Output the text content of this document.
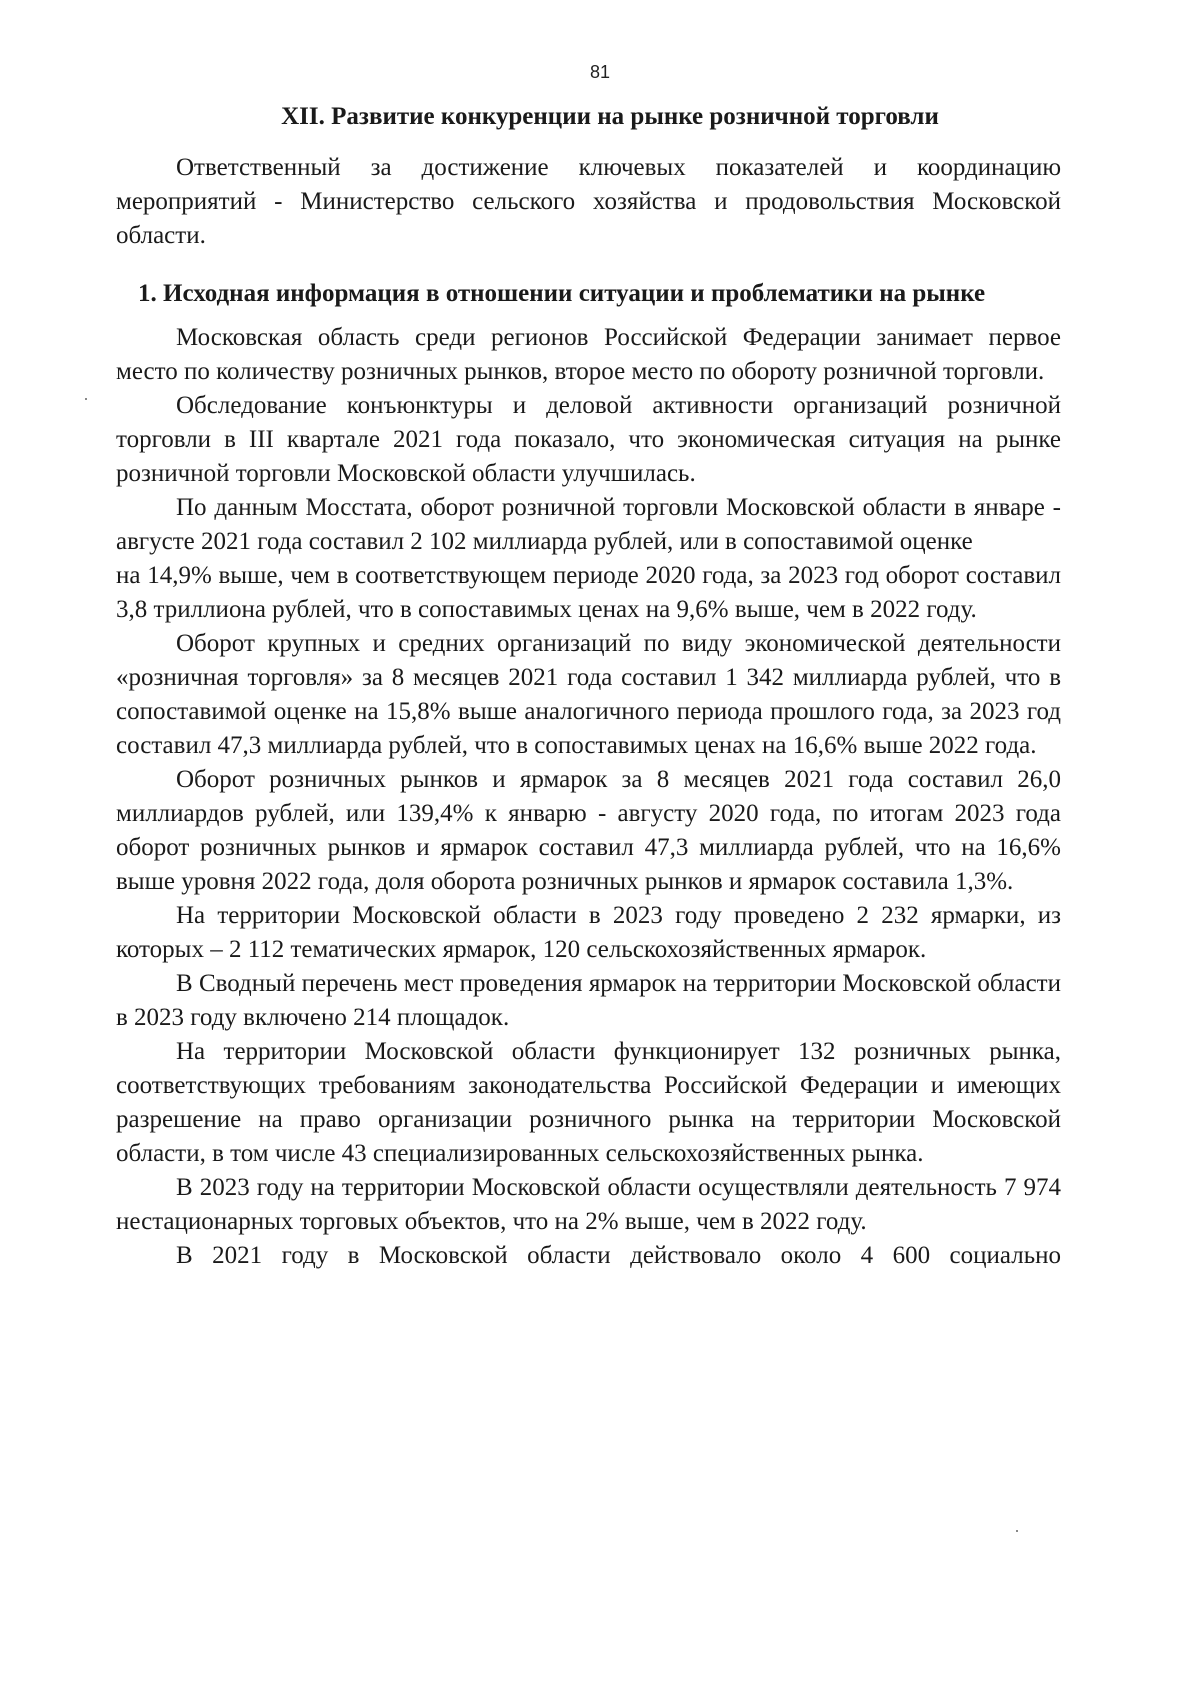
81
XII. Развитие конкуренции на рынке розничной торговли

Ответственный за достижение ключевых показателей и координацию мероприятий - Министерство сельского хозяйства и продовольствия Московской области.

1. Исходная информация в отношении ситуации и проблематики на рынке

Московская область среди регионов Российской Федерации занимает первое место по количеству розничных рынков, второе место по обороту розничной торговли.

Обследование конъюнктуры и деловой активности организаций розничной торговли в III квартале 2021 года показало, что экономическая ситуация на рынке розничной торговли Московской области улучшилась.

По данным Мосстата, оборот розничной торговли Московской области в январе - августе 2021 года составил 2 102 миллиарда рублей, или в сопоставимой оценке

на 14,9% выше, чем в соответствующем периоде 2020 года, за 2023 год оборот составил 3,8 триллиона рублей, что в сопоставимых ценах на 9,6% выше, чем в 2022 году.

Оборот крупных и средних организаций по виду экономической деятельности «розничная торговля» за 8 месяцев 2021 года составил 1 342 миллиарда рублей, что в сопоставимой оценке на 15,8% выше аналогичного периода прошлого года, за 2023 год составил 47,3 миллиарда рублей, что в сопоставимых ценах на 16,6% выше 2022 года.

Оборот розничных рынков и ярмарок за 8 месяцев 2021 года составил 26,0 миллиардов рублей, или 139,4% к январю - августу 2020 года, по итогам 2023 года оборот розничных рынков и ярмарок составил 47,3 миллиарда рублей, что на 16,6% выше уровня 2022 года, доля оборота розничных рынков и ярмарок составила 1,3%.

На территории Московской области в 2023 году проведено 2 232 ярмарки, из которых – 2 112 тематических ярмарок, 120 сельскохозяйственных ярмарок.

В Сводный перечень мест проведения ярмарок на территории Московской области в 2023 году включено 214 площадок.

На территории Московской области функционирует 132 розничных рынка, соответствующих требованиям законодательства Российской Федерации и имеющих разрешение на право организации розничного рынка на территории Московской области, в том числе 43 специализированных сельскохозяйственных рынка.

В 2023 году на территории Московской области осуществляли деятельность 7 974 нестационарных торговых объектов, что на 2% выше, чем в 2022 году.

В 2021 году в Московской области действовало около 4 600 социально
